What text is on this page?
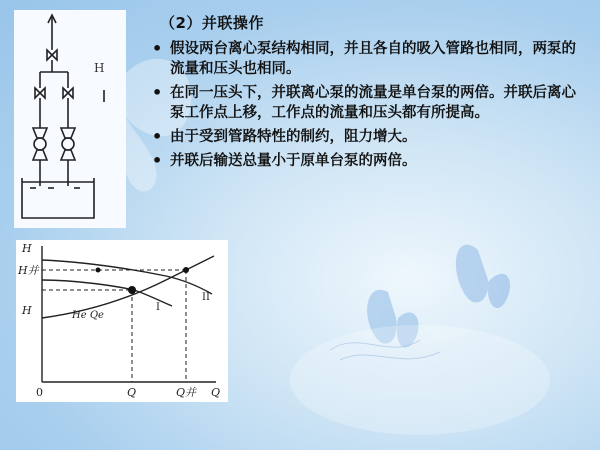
H
（2）并联操作
• 假设两台离心泵结构相同，并且各自的吸入管路也相同，两泵的流量和压头也相同。
• 在同一压头下，并联离心泵的流量是单台泵的两倍。并联后离心泵工作点上移，工作点的流量和压头都有所提高。
• 由于受到管路特性的制约，阻力增大。
• 并联后输送总量小于原单台泵的两倍。
H
H并
H
0	Q	Q并 Q
He Qe
I
II
